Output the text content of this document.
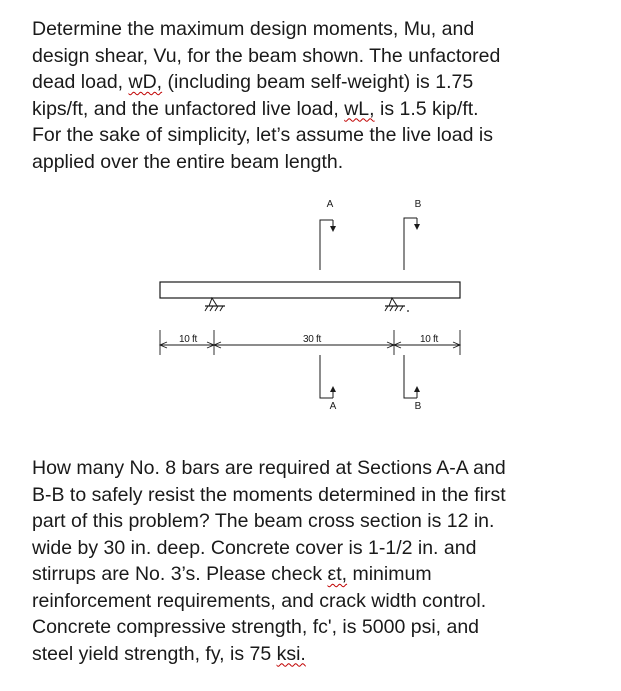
Determine the maximum design moments, Mu, and
design shear, Vu, for the beam shown. The unfactored
dead load, wD, (including beam self-weight) is 1.75
kips/ft, and the unfactored live load, wL, is 1.5 kip/ft.
For the sake of simplicity, let’s assume the live load is
applied over the entire beam length.
A	B
10 ft	30 ft	10 ft
A	B
How many No. 8 bars are required at Sections A-A and
B-B to safely resist the moments determined in the first
part of this problem? The beam cross section is 12 in.
wide by 30 in. deep. Concrete cover is 1-1/2 in. and
stirrups are No. 3’s. Please check εt, minimum
reinforcement requirements, and crack width control.
Concrete compressive strength, fc', is 5000 psi, and
steel yield strength, fy, is 75 ksi.
